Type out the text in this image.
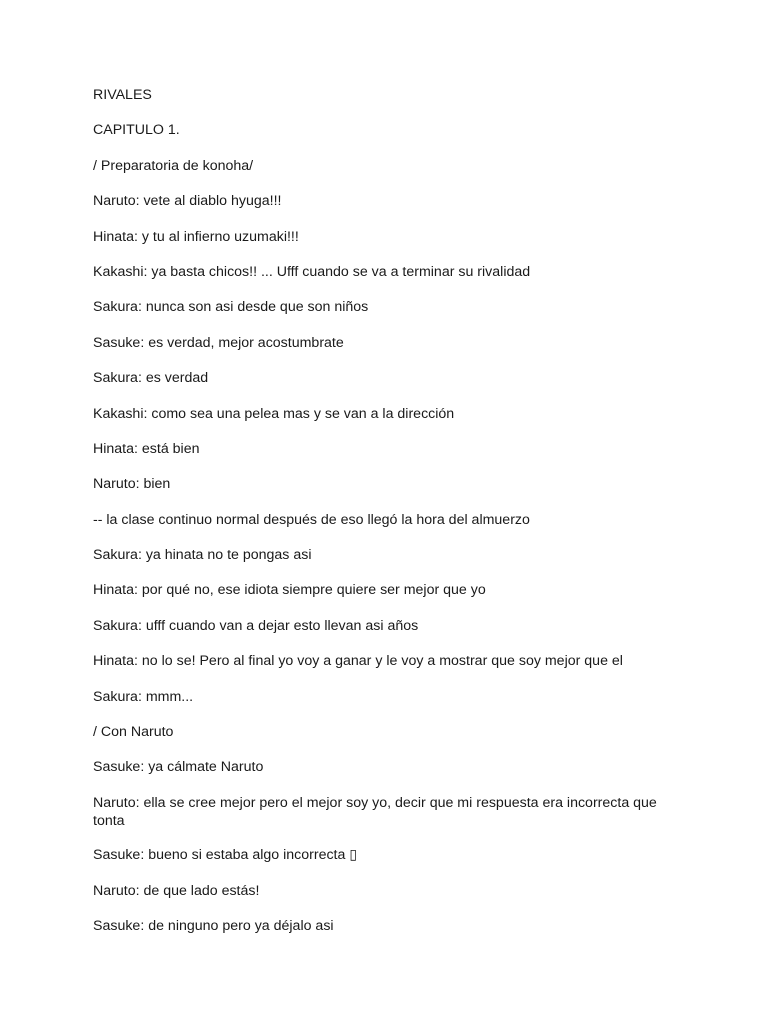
RIVALES

CAPITULO 1.

/ Preparatoria de konoha/

Naruto: vete al diablo hyuga!!!

Hinata: y tu al infierno uzumaki!!!

Kakashi: ya basta chicos!! ... Ufff cuando se va a terminar su rivalidad

Sakura: nunca son asi desde que son niños

Sasuke: es verdad, mejor acostumbrate

Sakura: es verdad

Kakashi: como sea una pelea mas y se van a la dirección

Hinata: está bien

Naruto: bien

-- la clase continuo normal después de eso llegó la hora del almuerzo

Sakura: ya hinata no te pongas asi

Hinata: por qué no, ese idiota siempre quiere ser mejor que yo

Sakura: ufff cuando van a dejar esto llevan asi años

Hinata: no lo se! Pero al final yo voy a ganar y le voy a mostrar que soy mejor que el

Sakura: mmm...

/ Con Naruto

Sasuke: ya cálmate Naruto

Naruto: ella se cree mejor pero el mejor soy yo, decir que mi respuesta era incorrecta que tonta

Sasuke: bueno si estaba algo incorrecta ▯

Naruto: de que lado estás!

Sasuke: de ninguno pero ya déjalo asi
